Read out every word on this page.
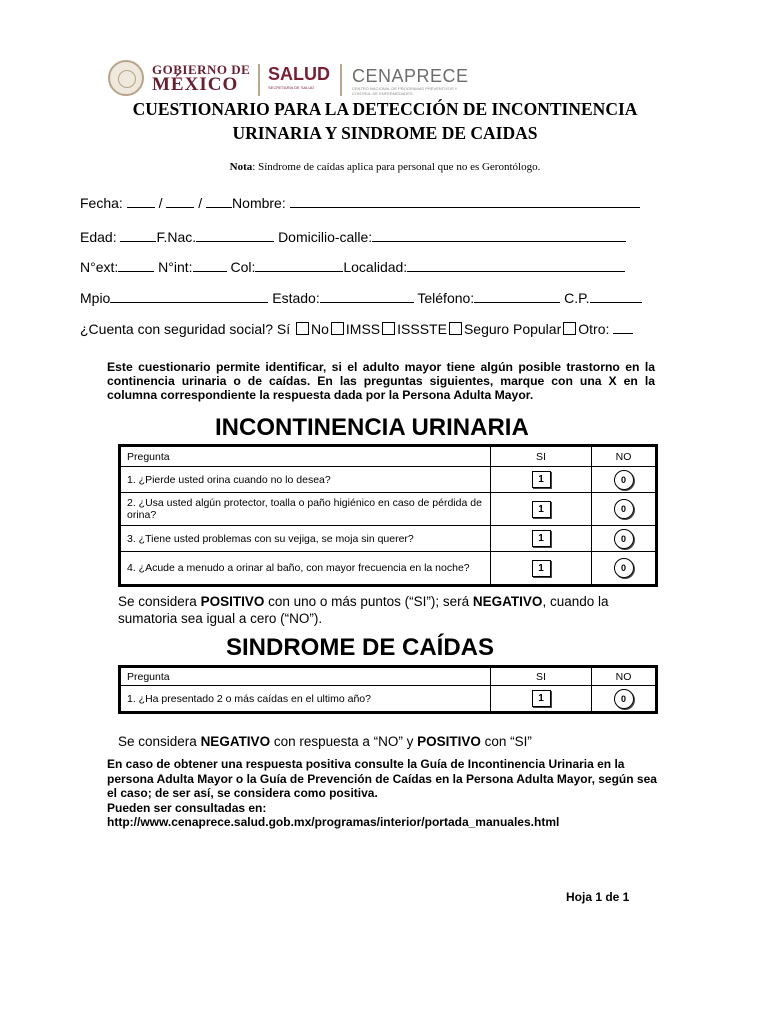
GOBIERNO DE
MÉXICO SALUD
SECRETARÍA DE SALUD
CENAPRECE
CENTRO NACIONAL DE PROGRAMAS PREVENTIVOS Y CONTROL DE ENFERMEDADES
CUESTIONARIO PARA LA DETECCIÓN DE INCONTINENCIA
URINARIA Y SINDROME DE CAIDAS
Nota: Síndrome de caídas aplica para personal que no es Gerontólogo.
Fecha:  /  / Nombre:
Edad:	F.Nac.	Domicilio-calle:
N°ext:	N°int:	Col:	Localidad:
Mpio	Estado:	Teléfono:	C.P.
¿Cuenta con seguridad social? Sí No IMSS ISSSTE Seguro Popular Otro:
Este cuestionario permite identificar, si el adulto mayor tiene algún posible trastorno en la continencia urinaria o de caídas. En las preguntas siguientes, marque con una X en la columna correspondiente la respuesta dada por la Persona Adulta Mayor.
INCONTINENCIA URINARIA
Pregunta	SI	NO
1. ¿Pierde usted orina cuando no lo desea?	1	0
2. ¿Usa usted algún protector, toalla o paño higiénico en caso de pérdida de orina?	1	0
3. ¿Tiene usted problemas con su vejiga, se moja sin querer?	1	0
4. ¿Acude a menudo a orinar al baño, con mayor frecuencia en la noche?	1	0
Se considera POSITIVO con uno o más puntos (“SI”); será NEGATIVO, cuando la sumatoria sea igual a cero (“NO”).
SINDROME DE CAÍDAS
Pregunta	SI	NO
1. ¿Ha presentado 2 o más caídas en el ultimo año?	1	0
Se considera NEGATIVO con respuesta a “NO” y POSITIVO con “SI”
En caso de obtener una respuesta positiva consulte la Guía de Incontinencia Urinaria en la persona Adulta Mayor o la Guía de Prevención de Caídas en la Persona Adulta Mayor, según sea el caso; de ser así, se considera como positiva.
Pueden ser consultadas en:
http://www.cenaprece.salud.gob.mx/programas/interior/portada_manuales.html
Hoja 1 de 1
